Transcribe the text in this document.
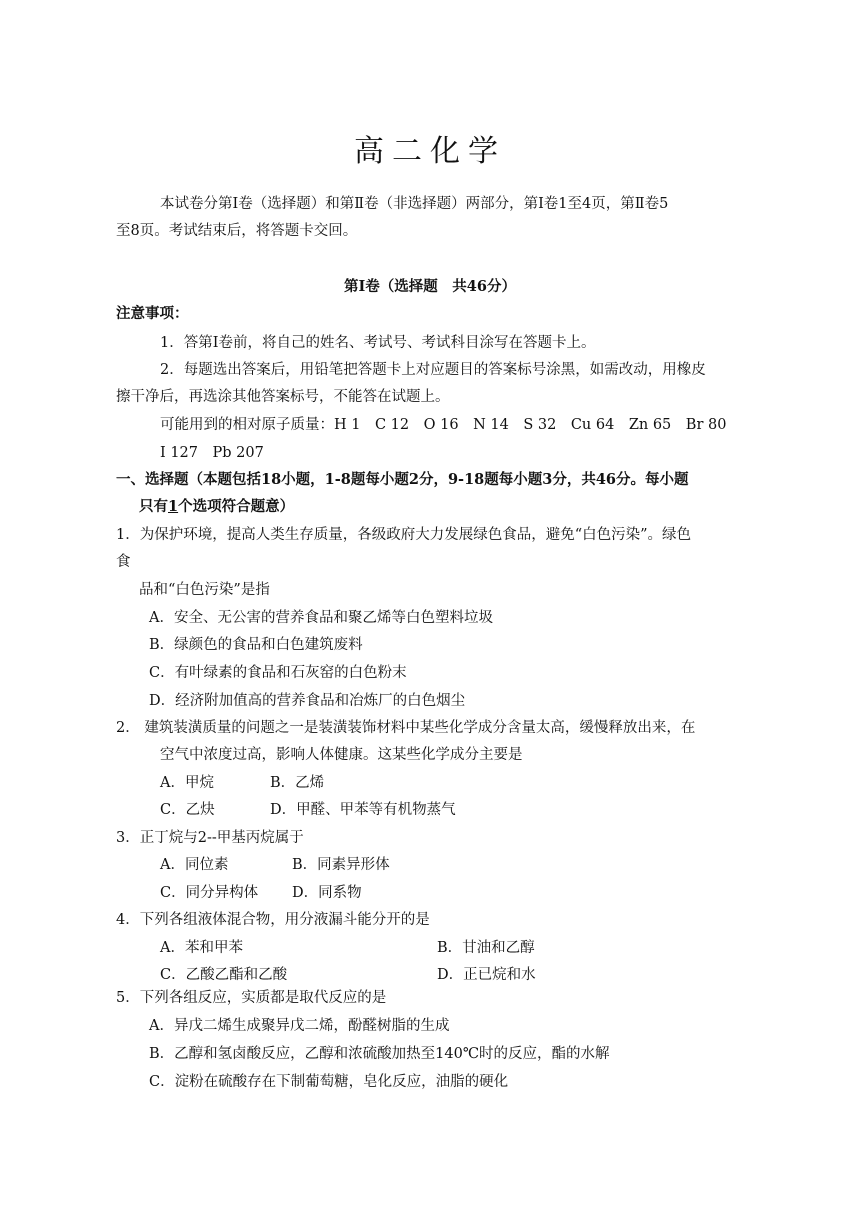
高二化学
本试卷分第Ⅰ卷（选择题）和第Ⅱ卷（非选择题）两部分，第Ⅰ卷1至4页，第Ⅱ卷5
至8页。考试结束后，将答题卡交回。
第Ⅰ卷（选择题　共46分）
注意事项：
1．答第Ⅰ卷前，将自己的姓名、考试号、考试科目涂写在答题卡上。
2．每题选出答案后，用铅笔把答题卡上对应题目的答案标号涂黑，如需改动，用橡皮
擦干净后，再选涂其他答案标号，不能答在试题上。
可能用到的相对原子质量：H 1　C 12　O 16　N 14　S 32　Cu 64　Zn 65　Br 80
I 127　Pb 207
一、选择题（本题包括18小题，1-8题每小题2分，9-18题每小题3分，共46分。每小题
只有1个选项符合题意）
1．为保护环境，提高人类生存质量，各级政府大力发展绿色食品，避免“白色污染”。绿色
食
品和“白色污染”是指
A．安全、无公害的营养食品和聚乙烯等白色塑料垃圾
B．绿颜色的食品和白色建筑废料
C．有叶绿素的食品和石灰窑的白色粉末
D．经济附加值高的营养食品和冶炼厂的白色烟尘
2． 建筑装潢质量的问题之一是装潢装饰材料中某些化学成分含量太高，缓慢释放出来，在
空气中浓度过高，影响人体健康。这某些化学成分主要是
A．甲烷	B．乙烯
C．乙炔	D．甲醛、甲苯等有机物蒸气
3．正丁烷与2--甲基丙烷属于
A．同位素	B．同素异形体
C．同分异构体 D．同系物
4．下列各组液体混合物，用分液漏斗能分开的是
A．苯和甲苯	B．甘油和乙醇
C．乙酸乙酯和乙酸	D．正已烷和水
5．下列各组反应，实质都是取代反应的是
A．异戊二烯生成聚异戊二烯，酚醛树脂的生成
B．乙醇和氢卤酸反应，乙醇和浓硫酸加热至140℃时的反应，酯的水解
C．淀粉在硫酸存在下制葡萄糖，皂化反应，油脂的硬化
